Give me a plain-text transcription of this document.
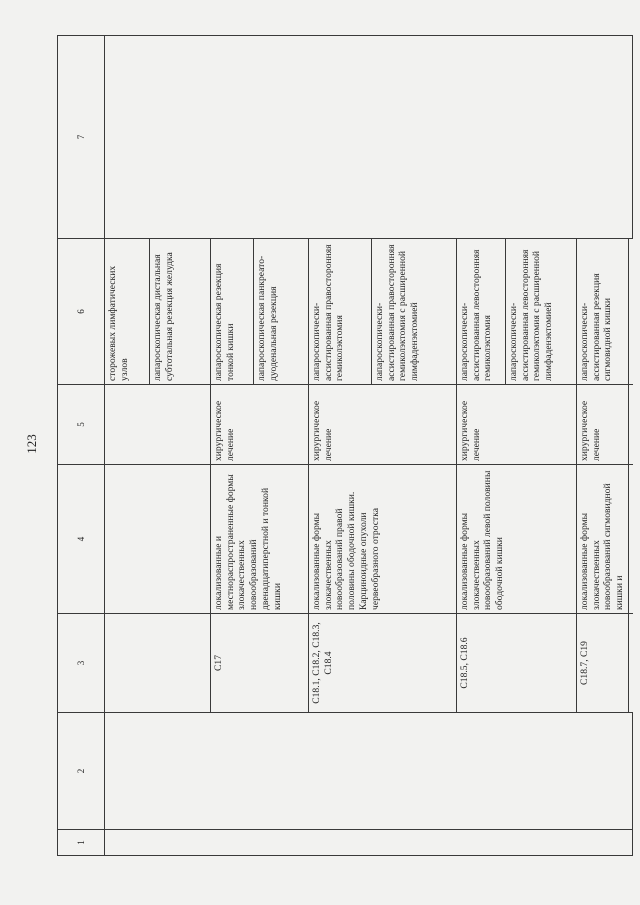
123
1	2	3	4	5	6	7
					сторожевых лимфатических узлов	
					лапароскопическая дистальная субтотальная резекция желудка	
		C17	локализованные и местнораспространенные формы злокачественных новообразований двенадцатиперстной и тонкой кишки	хирургическое лечение	лапароскопическая резекция тонкой кишки	
					лапароскопическая панкреато-дуоденальная резекция	
		C18.1, C18.2, C18.3, C18.4	локализованные формы злокачественных новообразований правой половины ободочной кишки. Карциноидные опухоли червеобразного отростка	хирургическое лечение	лапароскопически-ассистированная правосторонняя гемиколэктомия	
					лапароскопически-ассистированная правосторонняя гемиколэктомия с расширенной лимфаденэктомией	
		C18.5, C18.6	локализованные формы злокачественных новообразований левой половины ободочной кишки	хирургическое лечение	лапароскопически-ассистированная левосторонняя гемиколэктомия	
					лапароскопически-ассистированная левосторонняя гемиколэктомия с расширенной лимфаденэктомией	
		C18.7, C19	локализованные формы злокачественных новообразований сигмовидной кишки и	хирургическое лечение	лапароскопически-ассистированная резекция сигмовидной кишки	
